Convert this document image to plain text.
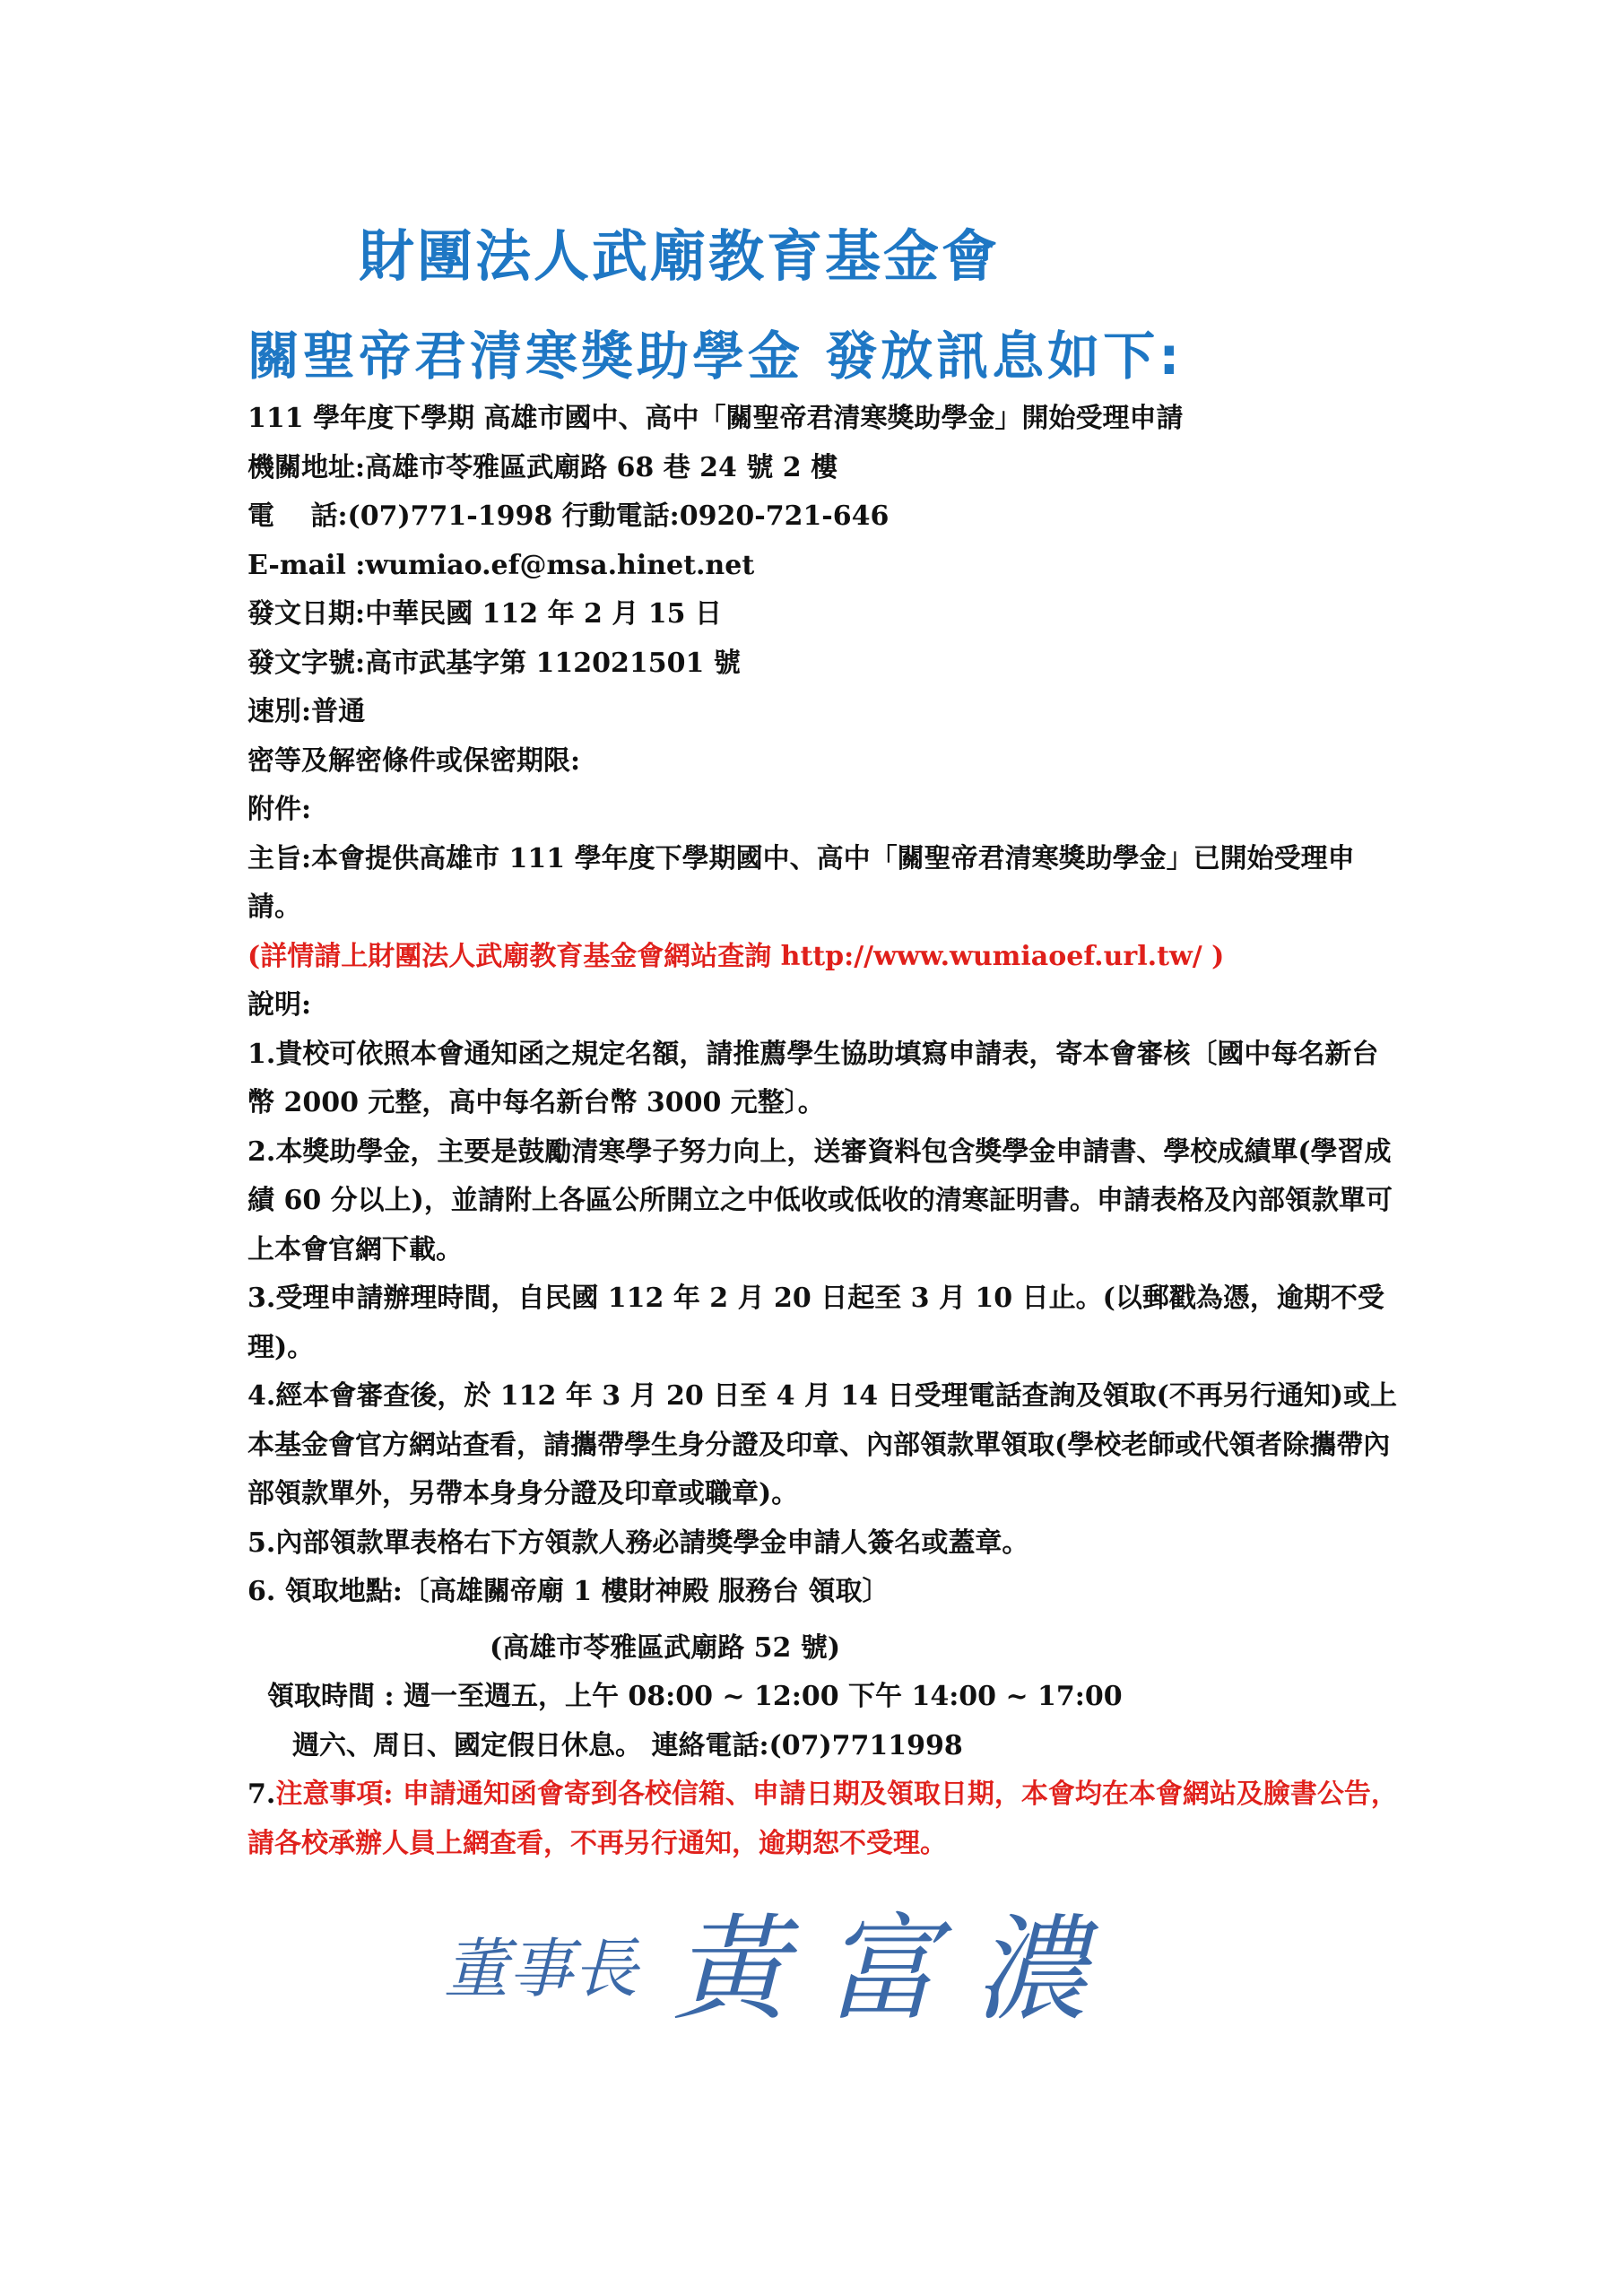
財團法人武廟教育基金會
關聖帝君清寒獎助學金 發放訊息如下:
111 學年度下學期 高雄市國中、高中「關聖帝君清寒獎助學金」開始受理申請
機關地址:高雄市苓雅區武廟路 68 巷 24 號 2 樓
電　 話:(07)771-1998 行動電話:0920-721-646
E-mail :wumiao.ef@msa.hinet.net
發文日期:中華民國 112 年 2 月 15 日
發文字號:高市武基字第 112021501 號
速別:普通
密等及解密條件或保密期限:
附件:
主旨:本會提供高雄市 111 學年度下學期國中、高中「關聖帝君清寒獎助學金」已開始受理申請。
(詳情請上財團法人武廟教育基金會網站查詢 http://www.wumiaoef.url.tw/ )
說明:
1.貴校可依照本會通知函之規定名額，請推薦學生協助填寫申請表，寄本會審核〔國中每名新台幣 2000 元整，高中每名新台幣 3000 元整〕。
2.本獎助學金，主要是鼓勵清寒學子努力向上，送審資料包含獎學金申請書、學校成績單(學習成績 60 分以上)，並請附上各區公所開立之中低收或低收的清寒証明書。申請表格及內部領款單可上本會官網下載。
3.受理申請辦理時間，自民國 112 年 2 月 20 日起至 3 月 10 日止。(以郵戳為憑，逾期不受理)。
4.經本會審查後，於 112 年 3 月 20 日至 4 月 14 日受理電話查詢及領取(不再另行通知)或上本基金會官方網站查看，請攜帶學生身分證及印章、內部領款單領取(學校老師或代領者除攜帶內部領款單外，另帶本身身分證及印章或職章)。
5.內部領款單表格右下方領款人務必請獎學金申請人簽名或蓋章。
6. 領取地點:〔高雄關帝廟 1 樓財神殿 服務台 領取〕
(高雄市苓雅區武廟路 52 號)
領取時間 : 週一至週五，上午 08:00 ~ 12:00 下午 14:00 ~ 17:00
週六、周日、國定假日休息。 連絡電話:(07)7711998
7.注意事項: 申請通知函會寄到各校信箱、申請日期及領取日期，本會均在本會網站及臉書公告，請各校承辦人員上網查看，不再另行通知，逾期恕不受理。
董事長 黃富濃
